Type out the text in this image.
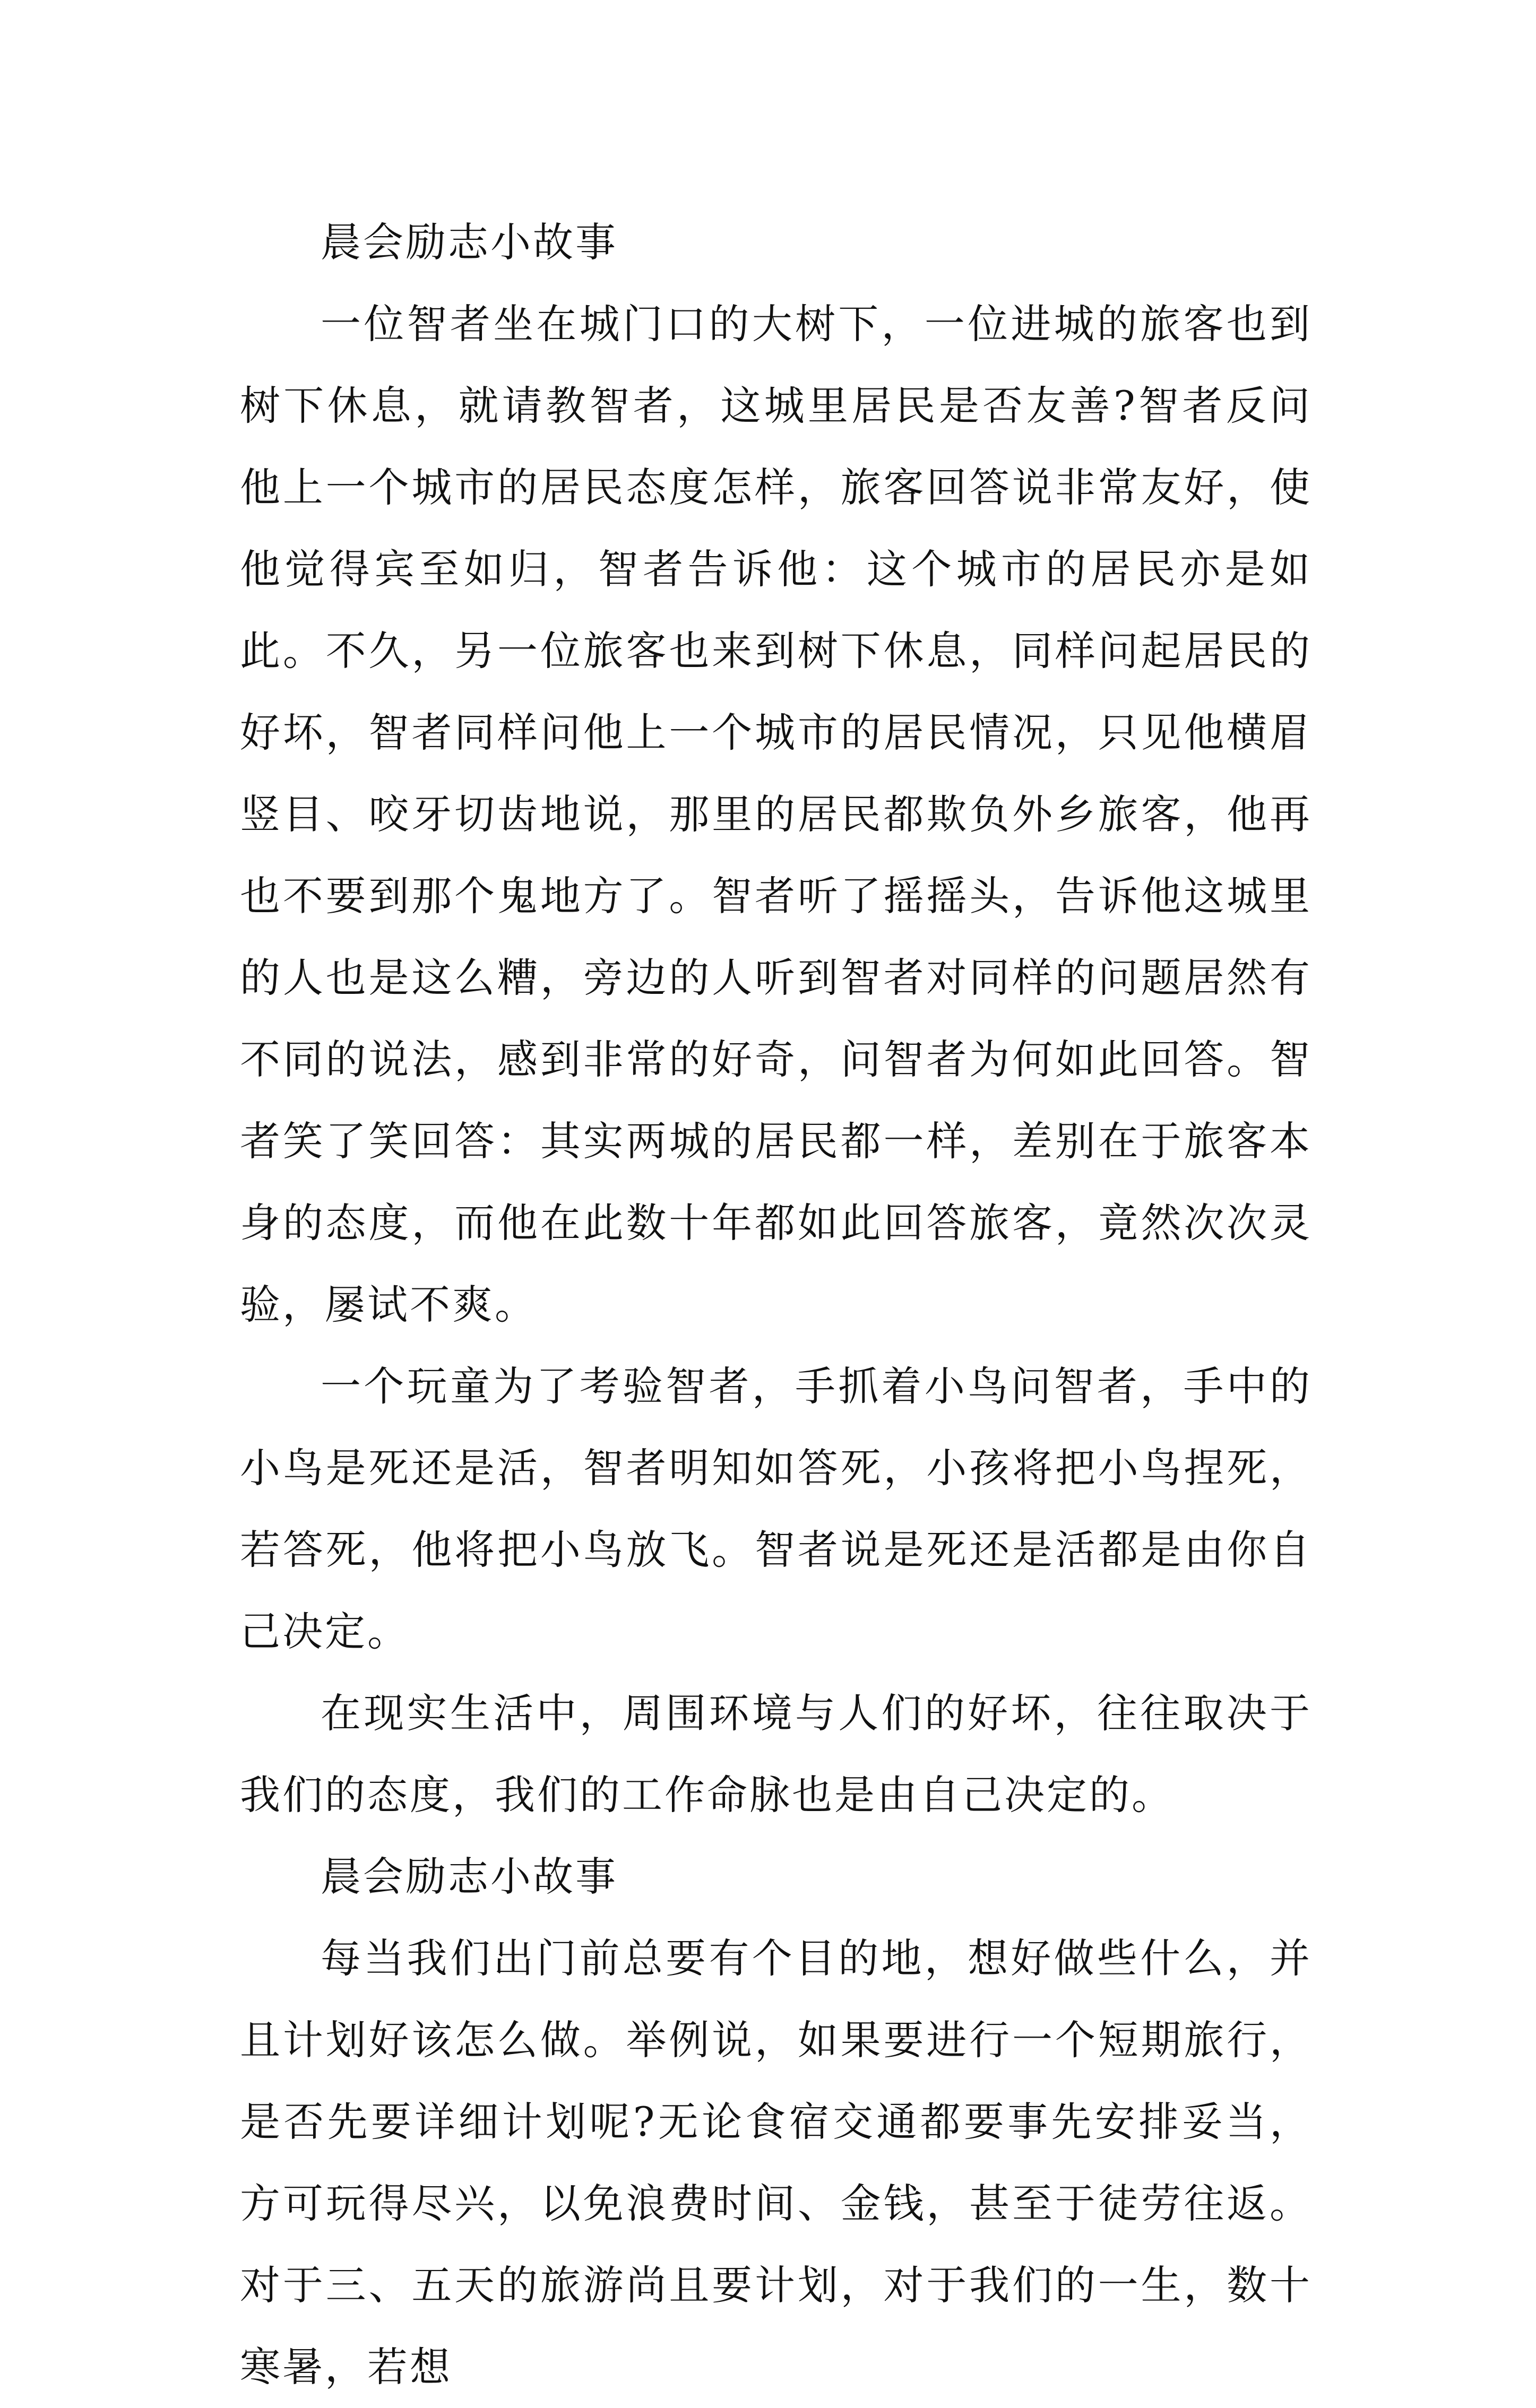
晨会励志小故事

一位智者坐在城门口的大树下，一位进城的旅客也到树下休息，就请教智者，这城里居民是否友善?智者反问他上一个城市的居民态度怎样，旅客回答说非常友好，使他觉得宾至如归，智者告诉他：这个城市的居民亦是如此。不久，另一位旅客也来到树下休息，同样问起居民的好坏，智者同样问他上一个城市的居民情况，只见他横眉竖目、咬牙切齿地说，那里的居民都欺负外乡旅客，他再也不要到那个鬼地方了。智者听了摇摇头，告诉他这城里的人也是这么糟，旁边的人听到智者对同样的问题居然有不同的说法，感到非常的好奇，问智者为何如此回答。智者笑了笑回答：其实两城的居民都一样，差别在于旅客本身的态度，而他在此数十年都如此回答旅客，竟然次次灵验，屡试不爽。

一个玩童为了考验智者，手抓着小鸟问智者，手中的小鸟是死还是活，智者明知如答死，小孩将把小鸟捏死，若答死，他将把小鸟放飞。智者说是死还是活都是由你自己决定。

在现实生活中，周围环境与人们的好坏，往往取决于我们的态度，我们的工作命脉也是由自己决定的。

晨会励志小故事

每当我们出门前总要有个目的地，想好做些什么，并且计划好该怎么做。举例说，如果要进行一个短期旅行，是否先要详细计划呢?无论食宿交通都要事先安排妥当，方可玩得尽兴，以免浪费时间、金钱，甚至于徒劳往返。对于三、五天的旅游尚且要计划，对于我们的一生，数十寒暑，若想
